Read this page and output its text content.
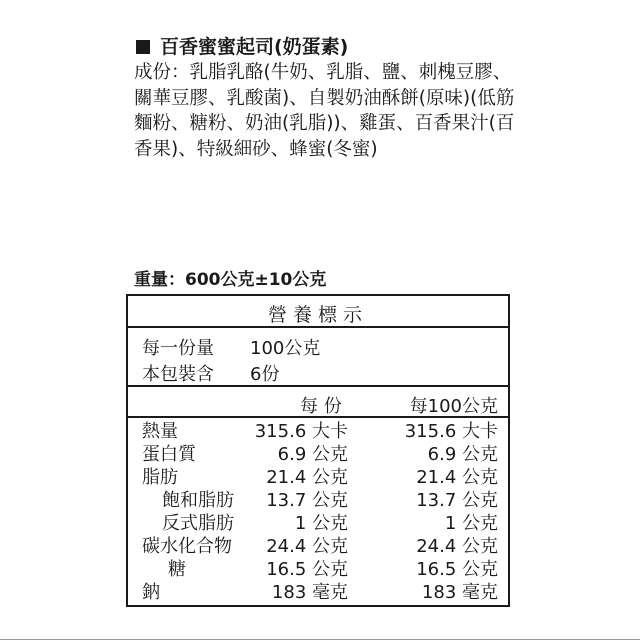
百香蜜蜜起司(奶蛋素)
成份：乳脂乳酪(牛奶、乳脂、鹽、刺槐豆膠、關華豆膠、乳酸菌)、自製奶油酥餅(原味)(低筋麵粉、糖粉、奶油(乳脂))、雞蛋、百香果汁(百香果)、特級細砂、蜂蜜(冬蜜)
重量：600公克±10公克
營養標示
每一份量 100公克
本包裝含 6份
每 份	每100公克
熱量	315.6 大卡	315.6 大卡
蛋白質	6.9 公克	6.9 公克
脂肪	21.4 公克	21.4 公克
飽和脂肪 13.7 公克	13.7 公克
反式脂肪	1 公克	1 公克
碳水化合物 24.4 公克	24.4 公克
糖	16.5 公克	16.5 公克
鈉	183 毫克	183 毫克
